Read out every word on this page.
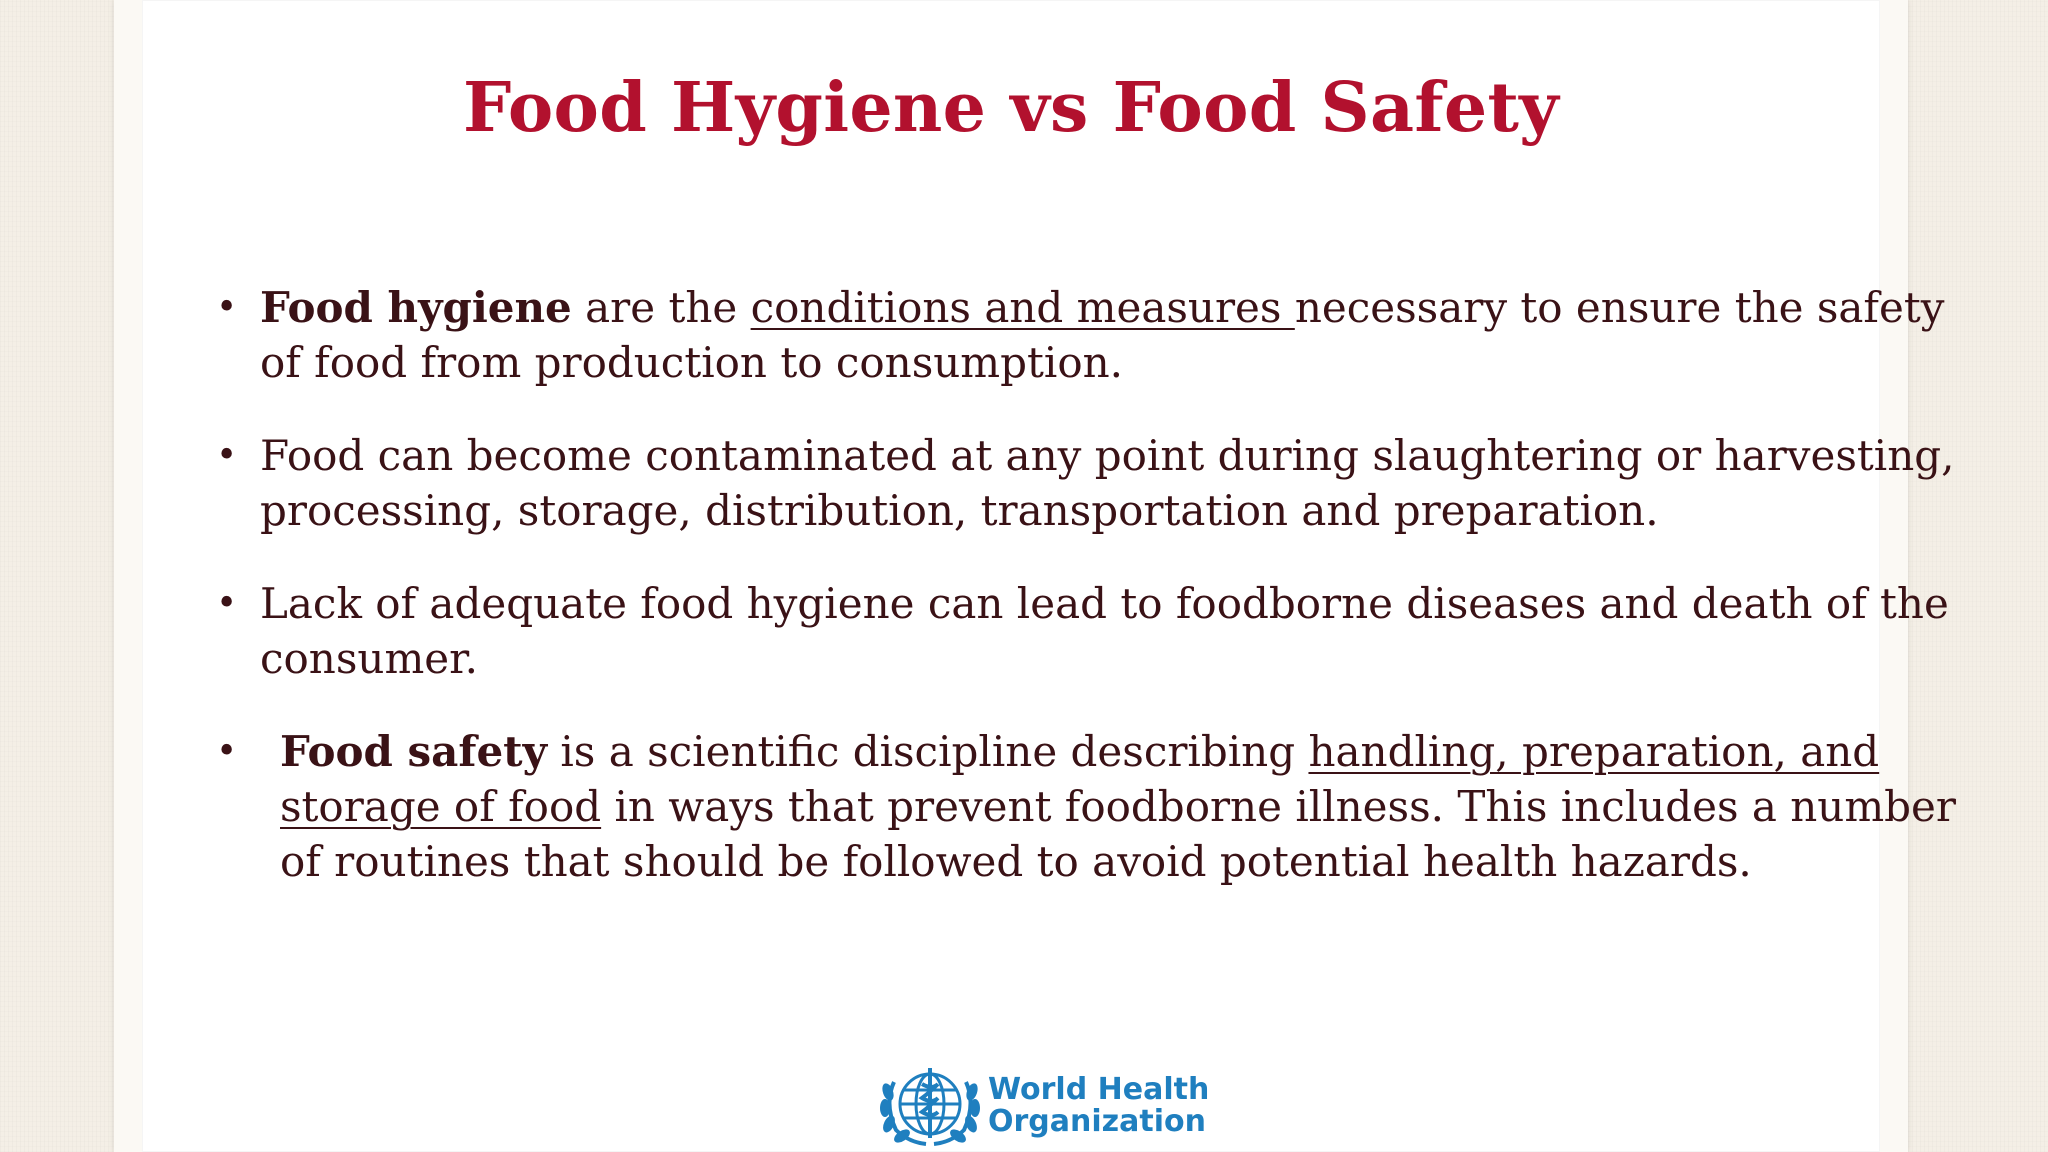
Food Hygiene vs Food Safety
• Food hygiene are the conditions and measures necessary to ensure the safety of food from production to consumption.
• Food can become contaminated at any point during slaughtering or harvesting, processing, storage, distribution, transportation and preparation.
• Lack of adequate food hygiene can lead to foodborne diseases and death of the consumer.
• Food safety is a scientific discipline describing handling, preparation, and storage of food in ways that prevent foodborne illness. This includes a number of routines that should be followed to avoid potential health hazards.
World Health
Organization
